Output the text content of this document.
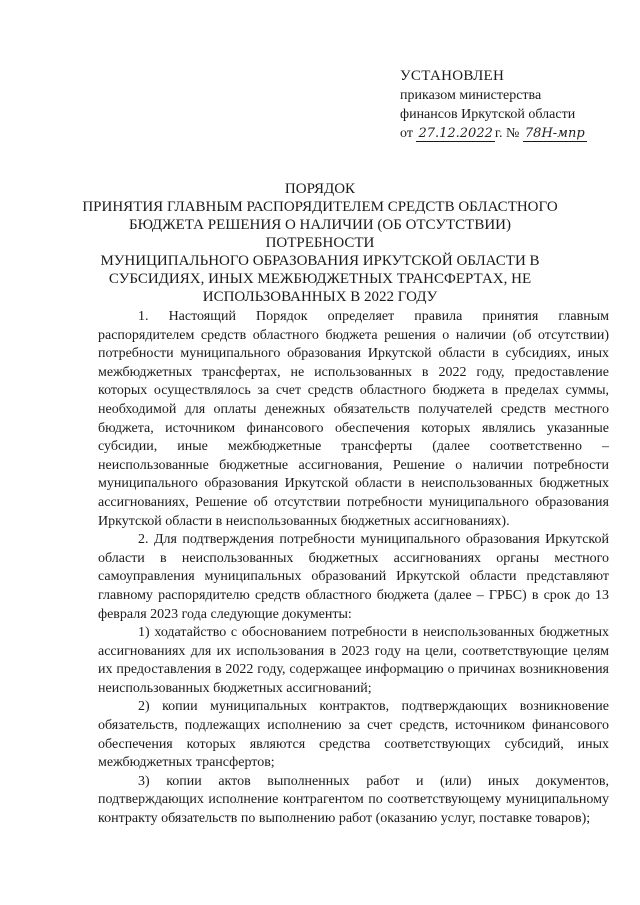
УСТАНОВЛЕН
приказом министерства
финансов Иркутской области
от 27.12.2022 г. № 78Н-мпр
ПОРЯДОК
ПРИНЯТИЯ ГЛАВНЫМ РАСПОРЯДИТЕЛЕМ СРЕДСТВ ОБЛАСТНОГО
БЮДЖЕТА РЕШЕНИЯ О НАЛИЧИИ (ОБ ОТСУТСТВИИ) ПОТРЕБНОСТИ
МУНИЦИПАЛЬНОГО ОБРАЗОВАНИЯ ИРКУТСКОЙ ОБЛАСТИ В
СУБСИДИЯХ, ИНЫХ МЕЖБЮДЖЕТНЫХ ТРАНСФЕРТАХ, НЕ
ИСПОЛЬЗОВАННЫХ В 2022 ГОДУ

1. Настоящий Порядок определяет правила принятия главным распорядителем средств областного бюджета решения о наличии (об отсутствии) потребности муниципального образования Иркутской области в субсидиях, иных межбюджетных трансфертах, не использованных в 2022 году, предоставление которых осуществлялось за счет средств областного бюджета в пределах суммы, необходимой для оплаты денежных обязательств получателей средств местного бюджета, источником финансового обеспечения которых являлись указанные субсидии, иные межбюджетные трансферты (далее соответственно – неиспользованные бюджетные ассигнования, Решение о наличии потребности муниципального образования Иркутской области в неиспользованных бюджетных ассигнованиях, Решение об отсутствии потребности муниципального образования Иркутской области в неиспользованных бюджетных ассигнованиях).

2. Для подтверждения потребности муниципального образования Иркутской области в неиспользованных бюджетных ассигнованиях органы местного самоуправления муниципальных образований Иркутской области представляют главному распорядителю средств областного бюджета (далее – ГРБС) в срок до 13 февраля 2023 года следующие документы:

1) ходатайство с обоснованием потребности в неиспользованных бюджетных ассигнованиях для их использования в 2023 году на цели, соответствующие целям их предоставления в 2022 году, содержащее информацию о причинах возникновения неиспользованных бюджетных ассигнований;

2) копии муниципальных контрактов, подтверждающих возникновение обязательств, подлежащих исполнению за счет средств, источником финансового обеспечения которых являются средства соответствующих субсидий, иных межбюджетных трансфертов;

3) копии актов выполненных работ и (или) иных документов, подтверждающих исполнение контрагентом по соответствующему муниципальному контракту обязательств по выполнению работ (оказанию услуг, поставке товаров);
